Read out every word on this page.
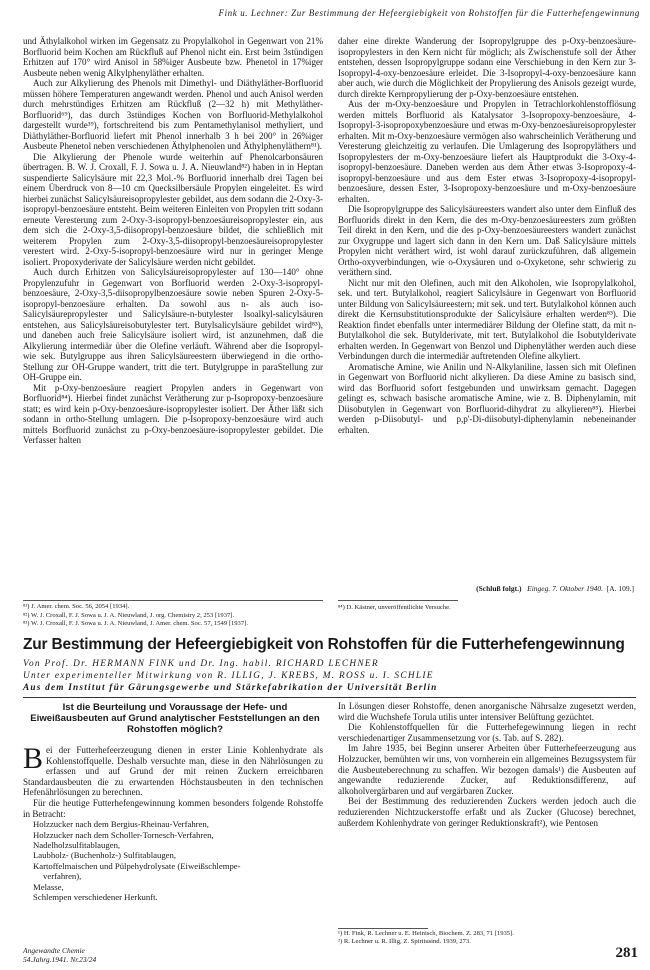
Fink u. Lechner: Zur Bestimmung der Hefeergiebigkeit von Rohstoffen für die Futterhefengewinnung

und Äthylalkohol wirken im Gegensatz zu Propylalkohol in Gegenwart von 21% Borfluorid beim Kochen am Rückfluß auf Phenol nicht ein. Erst beim 3stündigen Erhitzen auf 170° wird Anisol in 58%iger Ausbeute bzw. Phenetol in 17%iger Ausbeute neben wenig Alkylphenyläther erhalten.

Auch zur Alkylierung des Phenols mit Dimethyl- und Diäthyläther-Borfluorid müssen höhere Temperaturen angewandt werden. Phenol und auch Anisol werden durch mehrstündiges Erhitzen am Rückfluß (2—32 h) mit Methyläther-Borfluorid⁶⁹), das durch 3stündiges Kochen von Borfluorid-Methylalkohol dargestellt wurde³⁹), fortschreitend bis zum Pentamethylanisol methyliert, und Diäthyläther-Borfluorid liefert mit Phenol innerhalb 3 h bei 200° in 26%iger Ausbeute Phenetol neben verschiedenen Äthylphenolen und Äthylphenyläthern⁸¹).

Die Alkylierung der Phenole wurde weiterhin auf Phenolcarbonsäuren übertragen. B. W. J. Croxall, F. J. Sowa u. J. A. Nieuwland⁸²) haben in in Heptan suspendierte Salicylsäure mit 22,3 Mol.-% Borfluorid innerhalb drei Tagen bei einem Überdruck von 8—10 cm Quecksilbersäule Propylen eingeleitet. Es wird hierbei zunächst Salicylsäureisopropylester gebildet, aus dem sodann die 2-Oxy-3-isopropyl-benzoesäure entsteht. Beim weiteren Einleiten von Propylen tritt sodann erneute Veresterung zum 2-Oxy-3-isopropyl-benzoesäureisopropylester ein, aus dem sich die 2-Oxy-3,5-diisopropyl-benzoesäure bildet, die schließlich mit weiterem Propylen zum 2-Oxy-3,5-diisopropyl-benzoesäureisopropylester verestert wird. 2-Oxy-5-isopropyl-benzoesäure wird nur in geringer Menge isoliert. Propoxyderivate der Salicylsäure werden nicht gebildet.

Auch durch Erhitzen von Salicylsäureisopropylester auf 130—140° ohne Propylenzufuhr in Gegenwart von Borfluorid werden 2-Oxy-3-isopropyl-benzoesäure, 2-Oxy-3,5-diisopropylbenzoesäure sowie neben Spuren 2-Oxy-5-isopropyl-benzoesäure erhalten. Da sowohl aus n- als auch iso-Salicylsäurepropylester und Salicylsäure-n-butylester Isoalkyl-salicylsäuren entstehen, aus Salicylsäureisobutylester tert. Butylsalicylsäure gebildet wird⁸³), und daneben auch freie Salicylsäure isoliert wird, ist anzunehmen, daß die Alkylierung intermediär über die Olefine verläuft. Während aber die Isopropyl- wie sek. Butylgruppe aus ihren Salicylsäureestern überwiegend in die ortho-Stellung zur OH-Gruppe wandert, tritt die tert. Butylgruppe in paraStellung zur OH-Gruppe ein.

Mit p-Oxy-benzoesäure reagiert Propylen anders in Gegenwart von Borfluorid⁸⁴). Hierbei findet zunächst Verätherung zur p-Isopropoxy-benzoesäure statt; es wird kein p-Oxy-benzoesäure-isopropylester isoliert. Der Äther läßt sich sodann in ortho-Stellung umlagern. Die p-Isopropoxy-benzoesäure wird auch mittels Borfluorid zunächst zu p-Oxy-benzoesäure-isopropylester gebildet. Die Verfasser halten

daher eine direkte Wanderung der Isopropylgruppe des p-Oxy-benzoesäure-isopropylesters in den Kern nicht für möglich; als Zwischenstufe soll der Äther entstehen, dessen Isopropylgruppe sodann eine Verschiebung in den Kern zur 3-Isopropyl-4-oxy-benzoesäure erleidet. Die 3-Isopropyl-4-oxy-benzoesäure kann aber auch, wie durch die Möglichkeit der Propylierung des Anisols gezeigt wurde, durch direkte Kernpropylierung der p-Oxy-benzoesäure entstehen.

Aus der m-Oxy-benzoesäure und Propylen in Tetrachlorkohlenstofflösung werden mittels Borfluorid als Katalysator 3-Isopropoxy-benzoesäure, 4-Isopropyl-3-isopropoxybenzoesäure und etwas m-Oxy-benzoesäureisopropylester erhalten. Mit m-Oxy-benzoesäure vermögen also wahrscheinlich Verätherung und Veresterung gleichzeitig zu verlaufen. Die Umlagerung des Isopropyläthers und Isopropylesters der m-Oxy-benzoesäure liefert als Hauptprodukt die 3-Oxy-4-isopropyl-benzoesäure. Daneben werden aus dem Äther etwas 3-Isopropoxy-4-isopropyl-benzoesäure und aus dem Ester etwas 3-Isopropoxy-4-isopropyl-benzoesäure, dessen Ester, 3-Isopropoxy-benzoesäure und m-Oxy-benzoesäure erhalten.

Die Isopropylgruppe des Salicylsäureesters wandert also unter dem Einfluß des Borfluorids direkt in den Kern, die des m-Oxy-benzoesäureesters zum größten Teil direkt in den Kern, und die des p-Oxy-benzoesäureesters wandert zunächst zur Oxygruppe und lagert sich dann in den Kern um. Daß Salicylsäure mittels Propylen nicht veräthert wird, ist wohl darauf zurückzuführen, daß allgemein Ortho-oxyverbindungen, wie o-Oxysäuren und o-Oxyketone, sehr schwierig zu veräthern sind.

Nicht nur mit den Olefinen, auch mit den Alkoholen, wie Isopropylalkohol, sek. und tert. Butylalkohol, reagiert Salicylsäure in Gegenwart von Borfluorid unter Bildung von Salicylsäureestern; mit sek. und tert. Butylalkohol können auch direkt die Kernsubstitutionsprodukte der Salicylsäure erhalten werden⁸³). Die Reaktion findet ebenfalls unter intermediärer Bildung der Olefine statt, da mit n-Butylalkohol die sek. Butylderivate, mit tert. Butylalkohol die Isobutylderivate erhalten werden. In Gegenwart von Benzol und Diphenyläther werden auch diese Verbindungen durch die intermediär auftretenden Olefine alkyliert.

Aromatische Amine, wie Anilin und N-Alkylaniline, lassen sich mit Olefinen in Gegenwart von Borfluorid nicht alkylieren. Da diese Amine zu basisch sind, wird das Borfluorid sofort festgebunden und unwirksam gemacht. Dagegen gelingt es, schwach basische aromatische Amine, wie z. B. Diphenylamin, mit Diisobutylen in Gegenwart von Borfluorid-dihydrat zu alkylieren⁸⁵). Hierbei werden p-Diisobutyl- und p,p'-Di-diisobutyl-diphenylamin nebeneinander erhalten.

(Schluß folgt.) Eingeg. 7. Oktober 1940. [A. 109.]
⁸¹) J. Amer. chem. Soc. 56, 2054 [1934].
⁸²) W. J. Croxall, F. J. Sowa u. J. A. Nieuwland, J. org. Chemistry 2, 253 [1937].
⁸³) W. J. Croxall, F. J. Sowa u. J. A. Nieuwland, J. Amer. chem. Soc. 57, 1549 [1937].
⁸⁴) D. Kästner, unveröffentlichte Versuche.
Zur Bestimmung der Hefeergiebigkeit von Rohstoffen für die Futterhefengewinnung
Von Prof. Dr. HERMANN FINK und Dr. Ing. habil. RICHARD LECHNER
Unter experimenteller Mitwirkung von R. ILLIG, J. KREBS, M. ROSS u. I. SCHLIE
Aus dem Institut für Gärungsgewerbe und Stärkefabrikation der Universität Berlin
Ist die Beurteilung und Voraussage der Hefe- und Eiweißausbeuten auf Grund analytischer Feststellungen an den Rohstoffen möglich?

Bei der Futterhefeerzeugung dienen in erster Linie Kohlenhydrate als Kohlenstoffquelle. Deshalb versuchte man, diese in den Nährlösungen zu erfassen und auf Grund der mit reinen Zuckern erreichbaren Standardausbeuten die zu erwartenden Höchstausbeuten in den technischen Hefenährlösungen zu berechnen.

Für die heutige Futterhefengewinnung kommen besonders folgende Rohstoffe in Betracht:

Holzzucker nach dem Bergius-Rheinau-Verfahren,
Holzzucker nach dem Scholler-Tornesch-Verfahren,
Nadelholzsulfitablaugen,
Laubholz- (Buchenholz-) Sulfitablaugen,
Kartoffelmaischen und Pülpehydrolysate (Eiweißschlempe-
verfahren),
Melasse,
Schlempen verschiedener Herkunft.

In Lösungen dieser Rohstoffe, denen anorganische Nährsalze zugesetzt werden, wird die Wuchshefe Torula utilis unter intensiver Belüftung gezüchtet.

Die Kohlenstoffquellen für die Futterhefegewinnung liegen in recht verschiedenartiger Zusammensetzung vor (s. Tab. auf S. 282).

Im Jahre 1935, bei Beginn unserer Arbeiten über Futterhefeerzeugung aus Holzzucker, bemühten wir uns, von vornherein ein allgemeines Bezugssystem für die Ausbeuteberechnung zu schaffen. Wir bezogen damals¹) die Ausbeuten auf angewandte reduzierende Zucker, auf Reduktionsdifferenz, auf alkoholvergärbaren und auf vergärbaren Zucker.

Bei der Bestimmung des reduzierenden Zuckers werden jedoch auch die reduzierenden Nichtzuckerstoffe erfaßt und als Zucker (Glucose) berechnet, außerdem Kohlenhydrate von geringer Reduktionskraft²), wie Pentosen

¹) H. Fink, R. Lechner u. E. Heinisch, Biochem. Z. 283, 71 [1935].
²) R. Lechner u. R. Illig, Z. Spiritusind. 1939, 273.
Angewandte Chemie
54.Jahrg.1941. Nr.23/24	281
